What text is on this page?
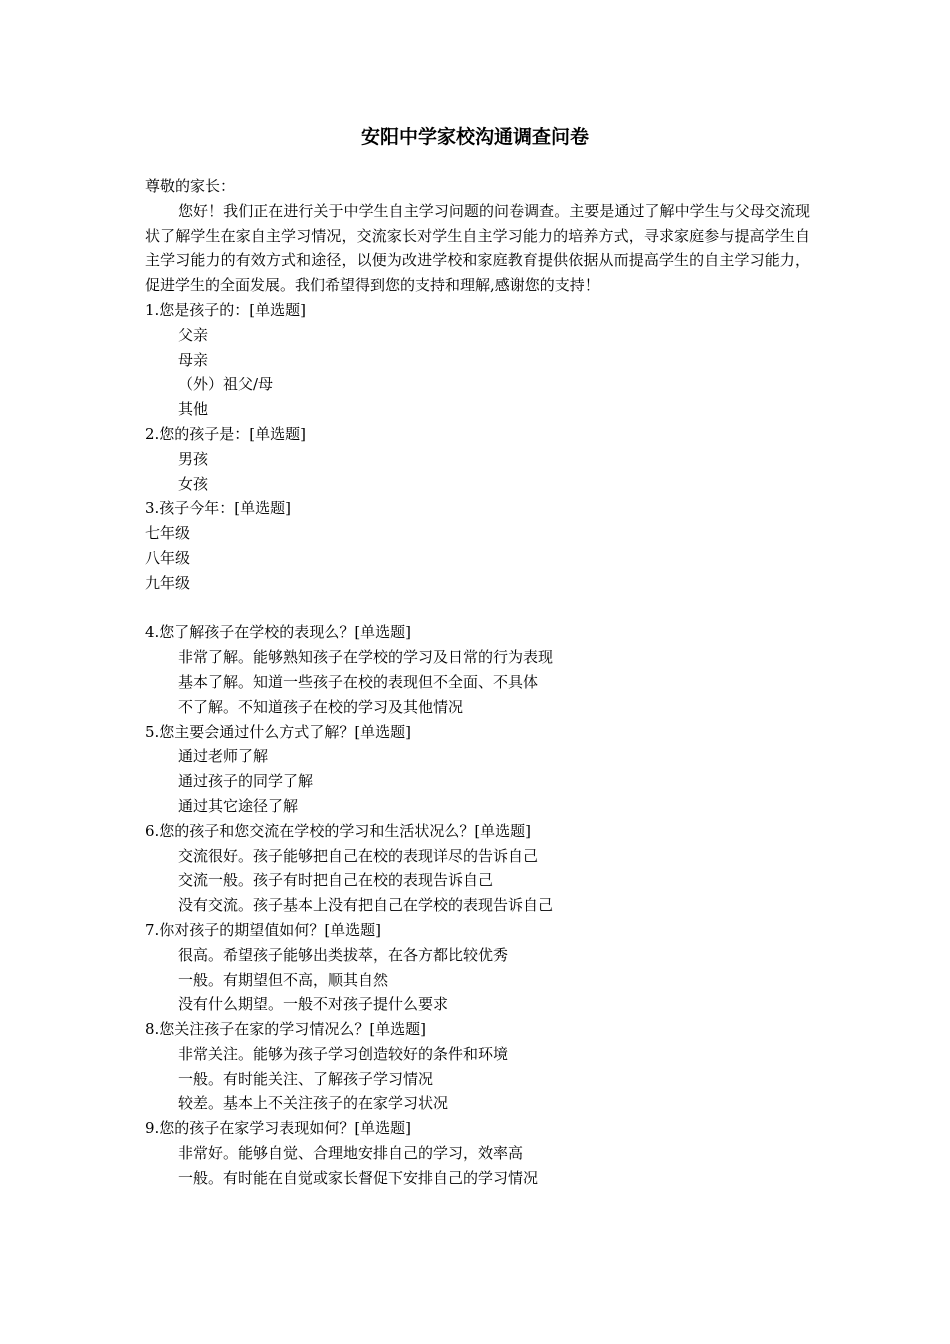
安阳中学家校沟通调查问卷
尊敬的家长：
您好！我们正在进行关于中学生自主学习问题的问卷调查。主要是通过了解中学生与父母交流现状了解学生在家自主学习情况，交流家长对学生自主学习能力的培养方式，寻求家庭参与提高学生自主学习能力的有效方式和途径，以便为改进学校和家庭教育提供依据从而提高学生的自主学习能力，促进学生的全面发展。我们希望得到您的支持和理解,感谢您的支持！
1.您是孩子的：[单选题]
父亲
母亲
（外）祖父/母
其他
2.您的孩子是：[单选题]
男孩
女孩
3.孩子今年：[单选题]
七年级
八年级
九年级
4.您了解孩子在学校的表现么？[单选题]
非常了解。能够熟知孩子在学校的学习及日常的行为表现
基本了解。知道一些孩子在校的表现但不全面、不具体
不了解。不知道孩子在校的学习及其他情况
5.您主要会通过什么方式了解？[单选题]
通过老师了解
通过孩子的同学了解
通过其它途径了解
6.您的孩子和您交流在学校的学习和生活状况么？[单选题]
交流很好。孩子能够把自己在校的表现详尽的告诉自己
交流一般。孩子有时把自己在校的表现告诉自己
没有交流。孩子基本上没有把自己在学校的表现告诉自己
7.你对孩子的期望值如何？[单选题]
很高。希望孩子能够出类拔萃，在各方都比较优秀
一般。有期望但不高，顺其自然
没有什么期望。一般不对孩子提什么要求
8.您关注孩子在家的学习情况么？[单选题]
非常关注。能够为孩子学习创造较好的条件和环境
一般。有时能关注、了解孩子学习情况
较差。基本上不关注孩子的在家学习状况
9.您的孩子在家学习表现如何？[单选题]
非常好。能够自觉、合理地安排自己的学习，效率高
一般。有时能在自觉或家长督促下安排自己的学习情况
